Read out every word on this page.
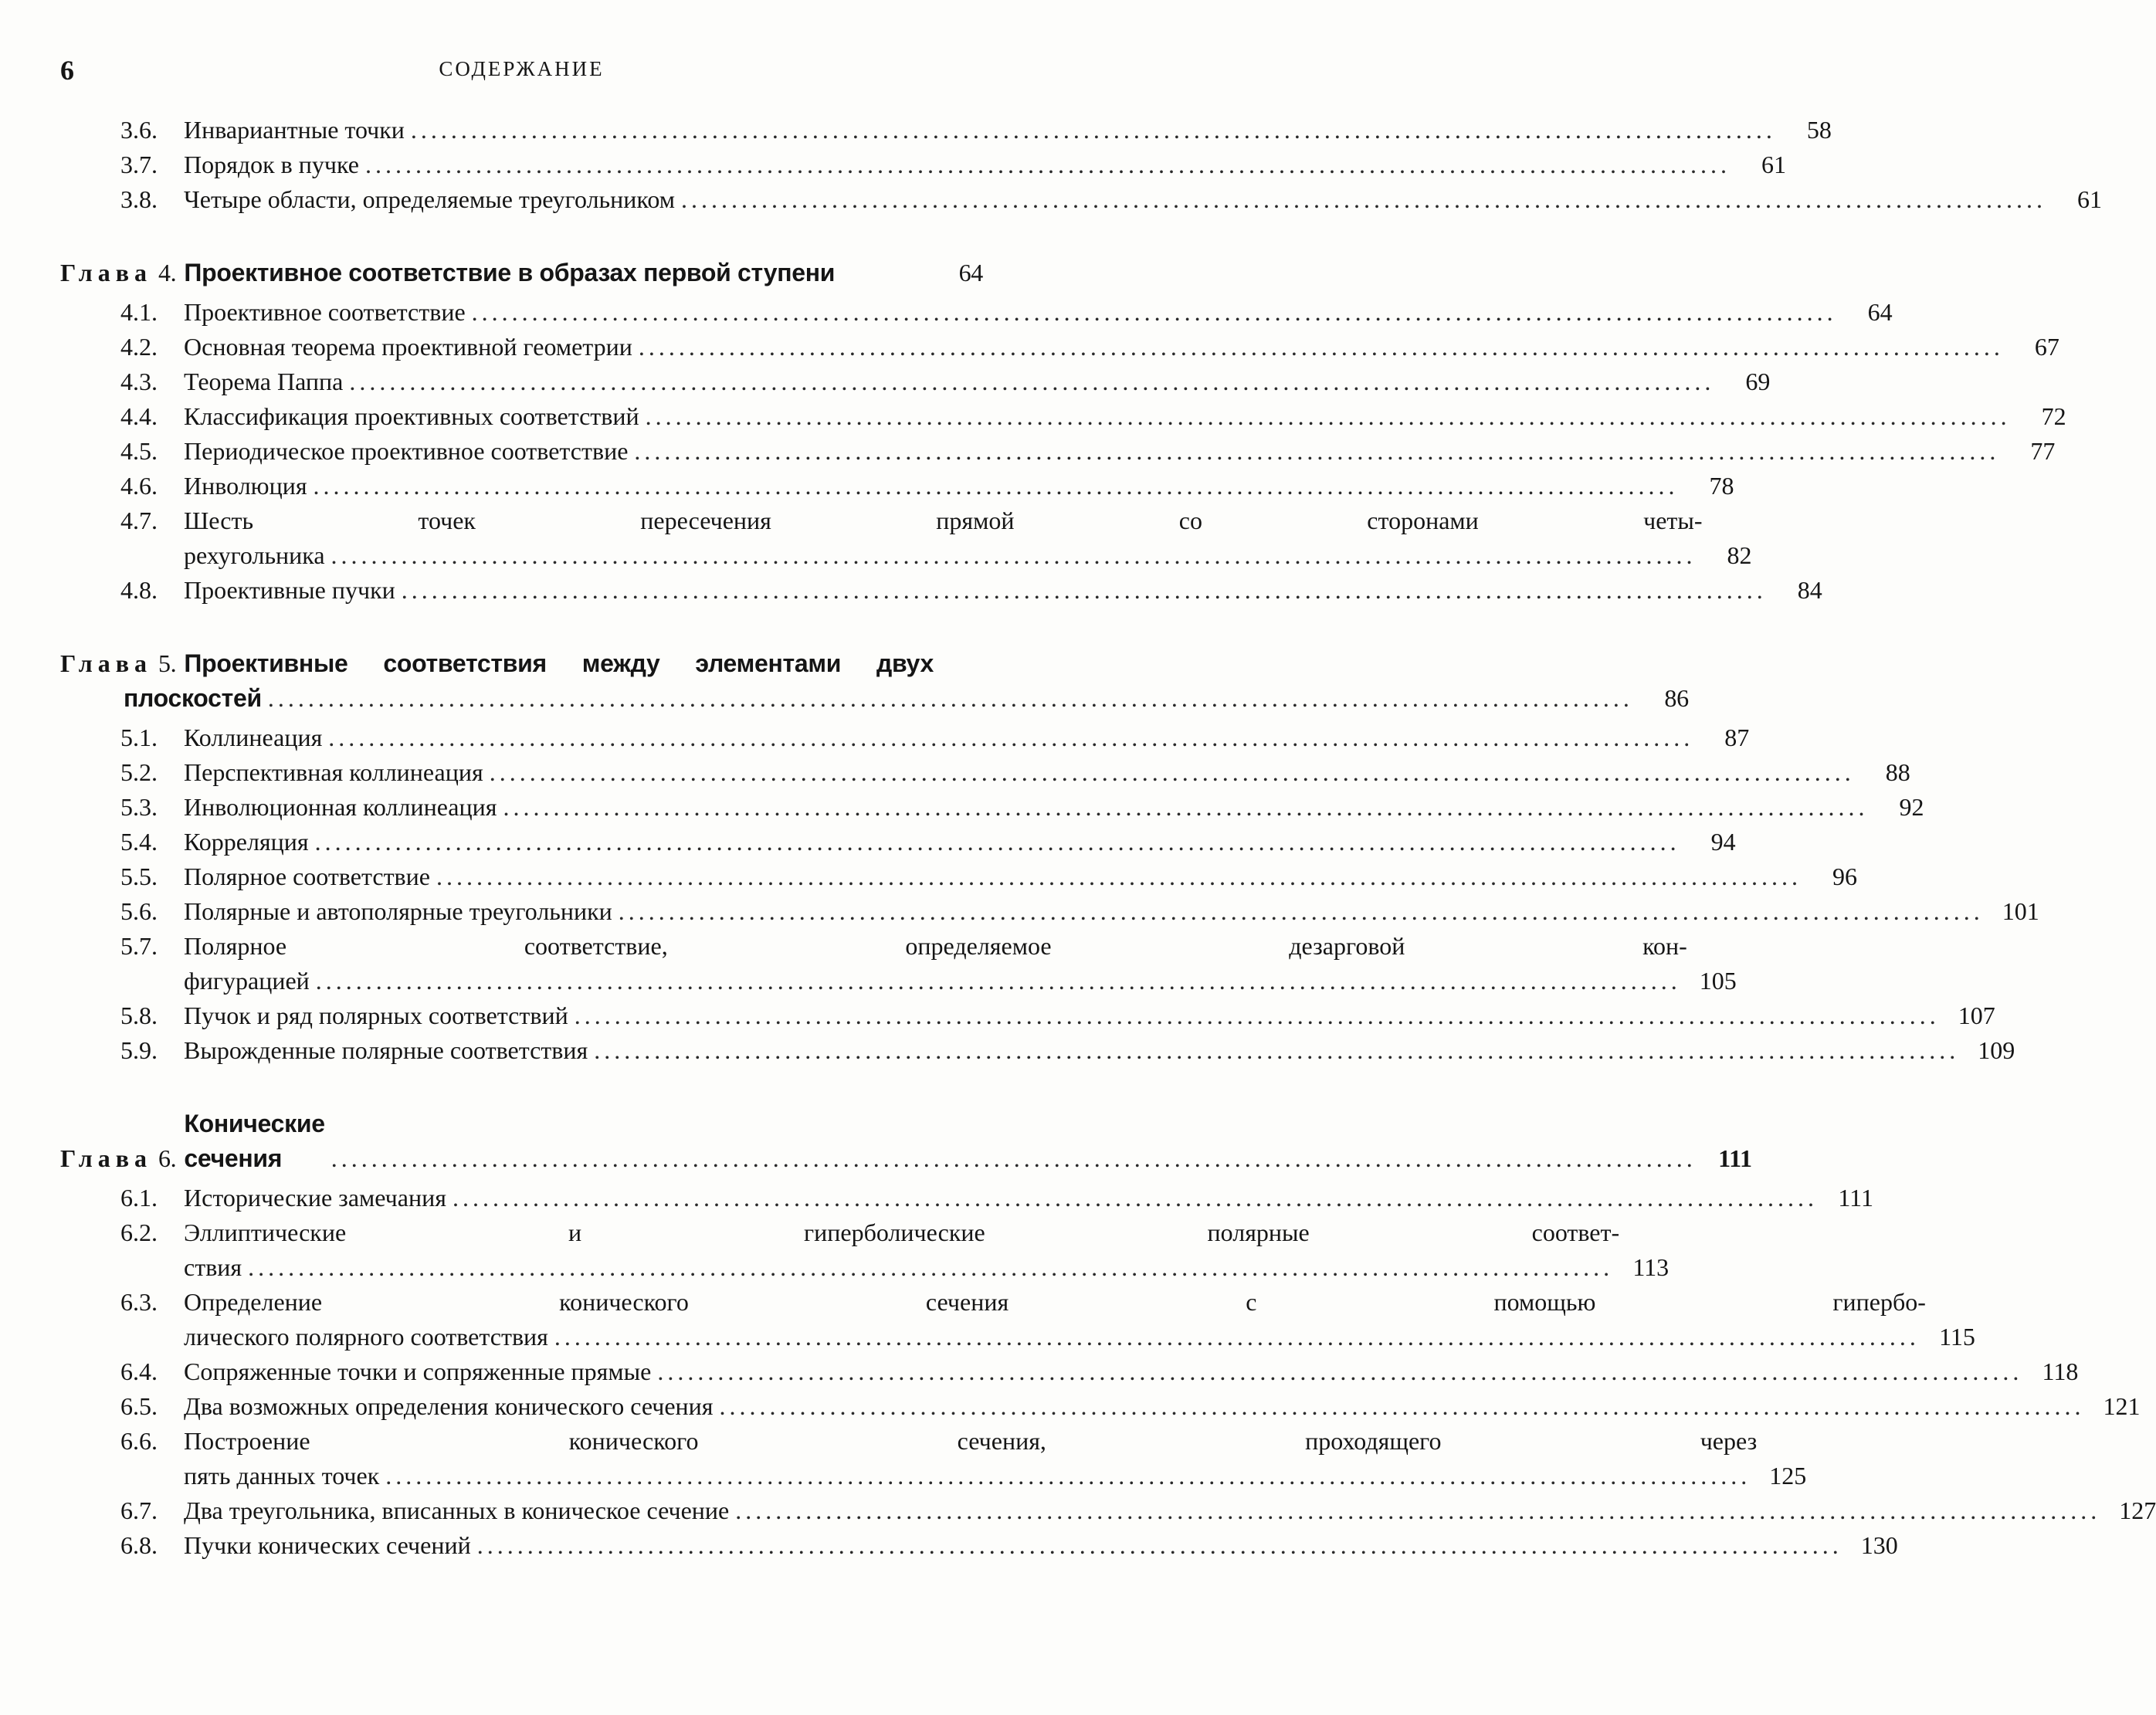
6	СОДЕРЖАНИЕ
3.6.	Инвариантные точки .....	58
3.7.	Порядок в пучке .....	61
3.8.	Четыре области, определяемые треугольником .....	61
Глава 4. Проективное соответствие в образах первой ступени	64
4.1.	Проективное соответствие .....	64
4.2.	Основная теорема проективной геометрии .....	67
4.3.	Теорема Паппа .....	69
4.4.	Классификация проективных соответствий .....	72
4.5.	Периодическое проективное соответствие .....	77
4.6.	Инволюция .....	78
4.7.	Шесть точек пересечения прямой со сторонами четы-
рехугольника .....	82
4.8.	Проективные пучки .....	84
Глава 5. Проективные соответствия между элементами двух
плоскостей .....	86
5.1.	Коллинеация .....	87
5.2.	Перспективная коллинеация .....	88
5.3.	Инволюционная коллинеация .....	92
5.4.	Корреляция .....	94
5.5.	Полярное соответствие .....	96
5.6.	Полярные и автополярные треугольники .....	101
5.7.	Полярное соответствие, определяемое дезарговой кон-
фигурацией .....	105
5.8.	Пучок и ряд полярных соответствий .....	107
5.9.	Вырожденные полярные соответствия .....	109
Глава 6.
Конические сечения .....	111
6.1.	Исторические замечания .....	111
6.2.	Эллиптические и гиперболические полярные соответ-
ствия .....	113
6.3.	Определение конического сечения с помощью гипербо-
лического полярного соответствия .....	115
6.4.	Сопряженные точки и сопряженные прямые .....	118
6.5.	Два возможных определения конического сечения .....	121
6.6.	Построение конического сечения, проходящего через
пять данных точек .....	125
6.7.	Два треугольника, вписанных в коническое сечение .....	127
6.8.	Пучки конических сечений .....	130
